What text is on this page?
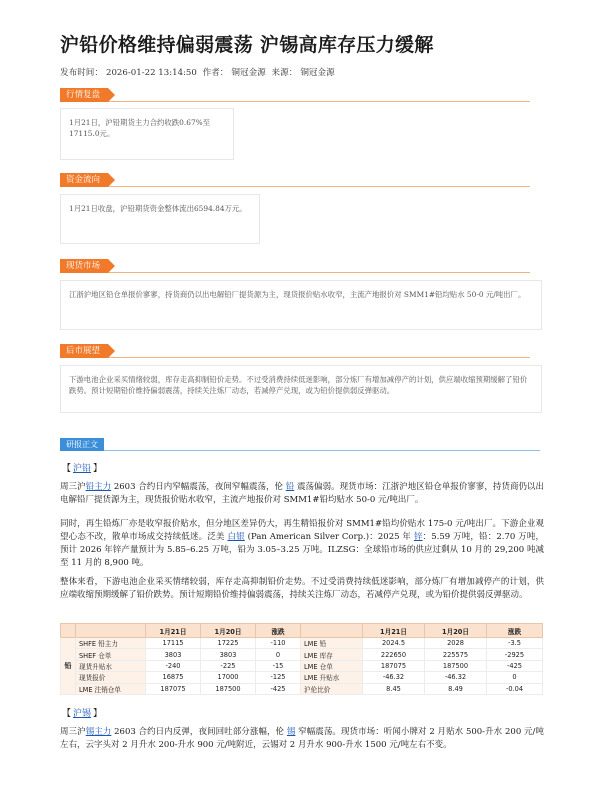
沪铅价格维持偏弱震荡 沪锡高库存压力缓解
发布时间： 2026-01-22 13:14:50 作者： 铜冠金源 来源： 铜冠金源
行情复盘
1月21日，沪铅期货主力合约收跌0.67%至17115.0元。
资金流向
1月21日收盘，沪铅期货资金整体流出6594.84万元。
现货市场
江浙沪地区铅仓单报价寥寥，持货商仍以出电解铅厂提货源为主，现货报价贴水收窄，主流产地报价对 SMM1#铅均贴水 50-0 元/吨出厂。
后市展望
下游电池企业采买情绪较弱，库存走高抑制铅价走势。不过受消费持续低迷影响，部分炼厂有增加减停产的计划，供应端收缩预期缓解了铅价跌势。预计短期铅价维持偏弱震荡，持续关注炼厂动态，若减停产兑现，或为铅价提供弱反弹驱动。
研报正文
【 沪铅 】
周三沪铅主力 2603 合约日内窄幅震荡，夜间窄幅震荡，伦 铅 震荡偏弱。现货市场：江浙沪地区铅仓单报价寥寥，持货商仍以出电解铅厂提货源为主，现货报价贴水收窄，主流产地报价对 SMM1#铅均贴水 50-0 元/吨出厂。
同时，再生铅炼厂亦是收窄报价贴水，但分地区差异仍大，再生精铅报价对 SMM1#铅均价贴水 175-0 元/吨出厂。下游企业观望心态不改，散单市场成交持续低迷。泛美 白银 (Pan American Silver Corp.)：2025 年 锌：5.59 万吨，铅：2.70 万吨，预计 2026 年锌产量预计为 5.85–6.25 万吨，铅为 3.05–3.25 万吨。ILZSG：全球铅市场的供应过剩从 10 月的 29,200 吨减至 11 月的 8,900 吨。
整体来看，下游电池企业采买情绪较弱，库存走高抑制铅价走势。不过受消费持续低迷影响，部分炼厂有增加减停产的计划，供应端收缩预期缓解了铅价跌势。预计短期铅价维持偏弱震荡，持续关注炼厂动态，若减停产兑现，或为铅价提供弱反弹驱动。
		1月21日	1月20日	涨跌		1月21日	1月20日	涨跌
铅	SHFE 铅主力	17115	17225	-110	LME 铅	2024.5	2028	-3.5
	SHEF 仓单	3803	3803	0	LME 库存	222650	225575	-2925
	现货升贴水	-240	-225	-15	LME 仓单	187075	187500	-425
	现货报价	16875	17000	-125	LME 升贴水	-46.32	-46.32	0
	LME 注销仓单	187075	187500	-425	沪伦比价	8.45	8.49	-0.04
【 沪锡 】
周三沪锡主力 2603 合约日内反弹，夜间回吐部分涨幅，伦 锡 窄幅震荡。现货市场：听闻小牌对 2 月贴水 500-升水 200 元/吨左右，云字头对 2 月升水 200-升水 900 元/吨附近，云锡对 2 月升水 900-升水 1500 元/吨左右不变。
